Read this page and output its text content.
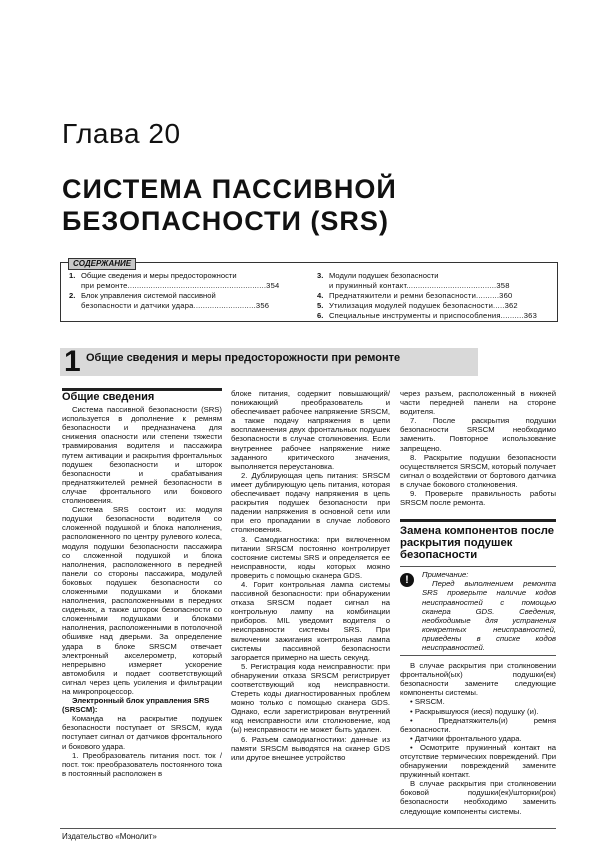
Глава 20
СИСТЕМА ПАССИВНОЙ
БЕЗОПАСНОСТИ (SRS)
1. Общие сведения и меры предосторожности
при ремонте............................................................354
2. Блок управления системой пассивной
безопасности и датчики удара...........................356
3. Модули подушек безопасности
и пружинный контакт.......................................358
4. Преднатяжители и ремни безопасности..........360
5. Утилизация модулей подушек безопасности.....362
6. Специальные инструменты и приспособления..........363
СОДЕРЖАНИЕ
1 Общие сведения и меры предосторожности при ремонте
Общие сведения

Система пассивной безопасности (SRS) используется в дополнение к ремням безопасности и предназначена для снижения опасности или степени тяжести травмирования водителя и пассажира путем активации и раскрытия фронтальных подушек безопасности и шторок безопасности и срабатывания преднатяжителей ремней безопасности в случае фронтального или бокового столкновения.

Система SRS состоит из: модуля подушки безопасности водителя со сложенной подушкой и блока наполнения, расположенного по центру рулевого колеса, модуля подушки безопасности пассажира со сложенной подушкой и блока наполнения, расположенного в передней панели со стороны пассажира, модулей боковых подушек безопасности со сложенными подушками и блоками наполнения, расположенными в передних сиденьях, а также шторок безопасности со сложенными подушками и блоками наполнения, расположенными в потолочной обшивке над дверьми. За определение удара в блоке SRSCM отвечает электронный акселерометр, который непрерывно измеряет ускорение автомобиля и подает соответствующий сигнал через цепь усиления и фильтрации на микропроцессор.

Электронный блок управления SRS (SRSCM):

Команда на раскрытие подушек безопасности поступает от SRSCM, куда поступает сигнал от датчиков фронтального и бокового удара.

1. Преобразователь питания пост. ток / пост. ток: преобразователь постоянного тока в постоянный расположен в

блоке питания, содержит повышающий/понижающий преобразователь и обеспечивает рабочее напряжение SRSCM, а также подачу напряжения в цепи воспламенения двух фронтальных подушек безопасности в случае столкновения. Если внутреннее рабочее напряжение ниже заданного критического значения, выполняется переустановка.

2. Дублирующая цепь питания: SRSCM имеет дублирующую цепь питания, которая обеспечивает подачу напряжения в цепь раскрытия подушек безопасности при падении напряжения в основной сети или при его пропадании в случае лобового столкновения.

3. Самодиагностика: при включенном питании SRSCM постоянно контролирует состояние системы SRS и определяется ее неисправности, коды которых можно проверить с помощью сканера GDS.

4. Горит контрольная лампа системы пассивной безопасности: при обнаружении отказа SRSCM подает сигнал на контрольную лампу на комбинации приборов. MIL уведомит водителя о неисправности системы SRS. При включении зажигания контрольная лампа системы пассивной безопасности загорается примерно на шесть секунд.

5. Регистрация кода неисправности: при обнаружении отказа SRSCM регистрирует соответствующий код неисправности. Стереть коды диагностированных проблем можно только с помощью сканера GDS. Однако, если зарегистрирован внутренний код неисправности или столкновение, код (ы) неисправности не может быть удален.

6. Разъем самодиагностики: данные из памяти SRSCM выводятся на сканер GDS или другое внешнее устройство

через разъем, расположенный в нижней части передней панели на стороне водителя.

7. После раскрытия подушки безопасности SRSCM необходимо заменить. Повторное использование запрещено.

8. Раскрытие подушки безопасности осуществляется SRSCM, который получает сигнал о воздействии от бортового датчика в случае бокового столкновения.

9. Проверьте правильность работы SRSCM после ремонта.

Замена компонентов после раскрытия подушек безопасности
!	Примечание:
Перед выполнением ремонта SRS проверьте наличие кодов неисправностей с помощью сканера GDS. Сведения, необходимые для устранения конкретных неисправностей, приведены в списке кодов неисправностей.

В случае раскрытия при столкновении фронтальной(ых) подушки(ек) безопасности замените следующие компоненты системы.

• SRSCM.

• Раскрывшуюся (иеся) подушку (и).

• Преднатяжитель(и) ремня безопасности.

• Датчики фронтального удара.

• Осмотрите пружинный контакт на отсутствие термических повреждений. При обнаружении повреждений замените пружинный контакт.

В случае раскрытия при столкновении боковой подушки(ек)/шторки(рок) безопасности необходимо заменить следующие компоненты системы.

Издательство «Монолит»
